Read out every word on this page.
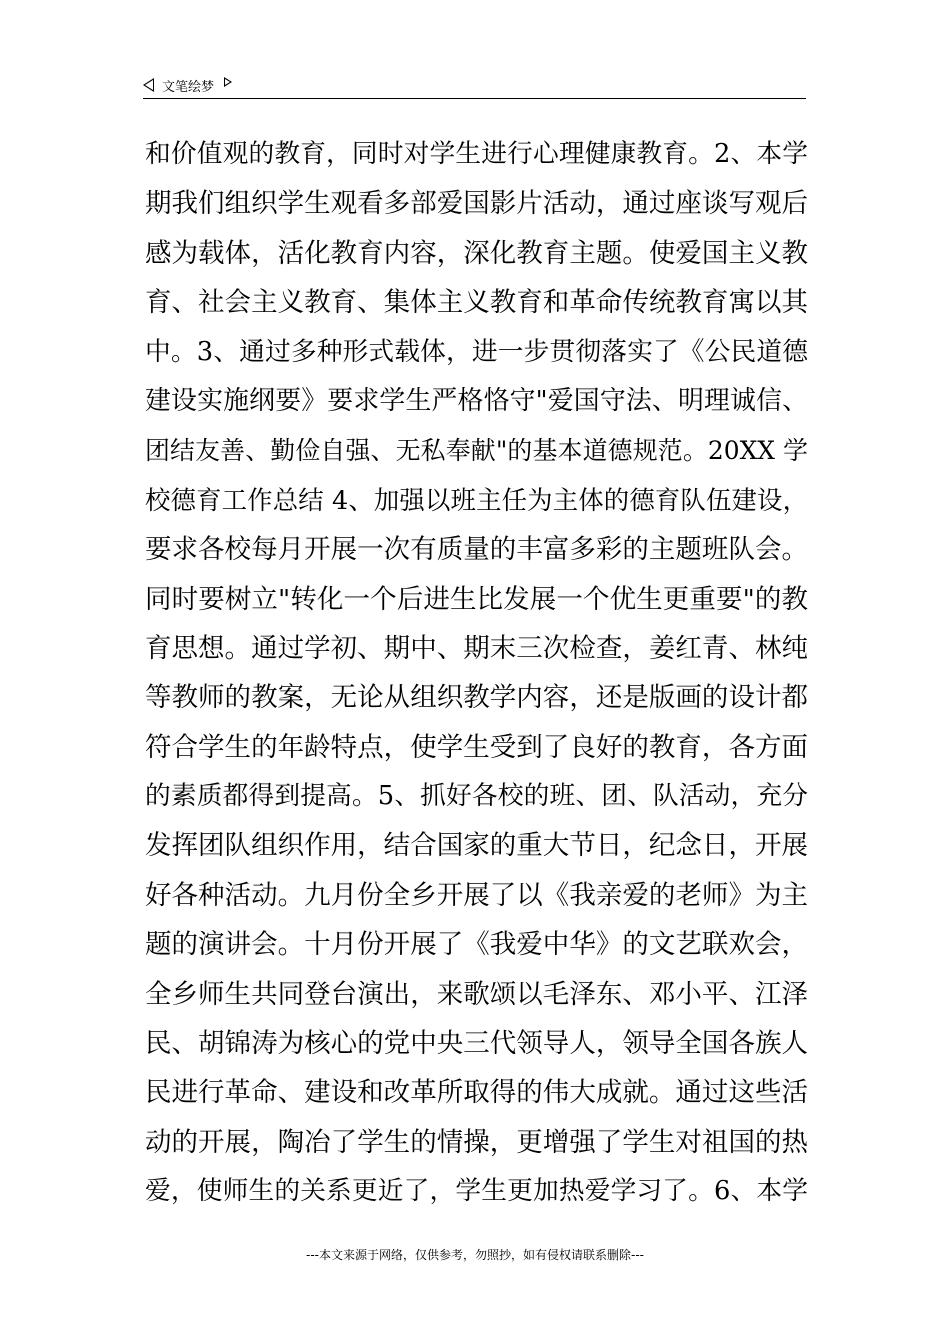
文笔绘梦
和价值观的教育，同时对学生进行心理健康教育。2、本学
期我们组织学生观看多部爱国影片活动，通过座谈写观后
感为载体，活化教育内容，深化教育主题。使爱国主义教
育、社会主义教育、集体主义教育和革命传统教育寓以其
中。3、通过多种形式载体，进一步贯彻落实了《公民道德
建设实施纲要》要求学生严格恪守"爱国守法、明理诚信、
团结友善、勤俭自强、无私奉献"的基本道德规范。20XX 学
校德育工作总结 4、加强以班主任为主体的德育队伍建设，
要求各校每月开展一次有质量的丰富多彩的主题班队会。
同时要树立"转化一个后进生比发展一个优生更重要"的教
育思想。通过学初、期中、期末三次检查，姜红青、林纯
等教师的教案，无论从组织教学内容，还是版画的设计都
符合学生的年龄特点，使学生受到了良好的教育，各方面
的素质都得到提高。5、抓好各校的班、团、队活动，充分
发挥团队组织作用，结合国家的重大节日，纪念日，开展
好各种活动。九月份全乡开展了以《我亲爱的老师》为主
题的演讲会。十月份开展了《我爱中华》的文艺联欢会，
全乡师生共同登台演出，来歌颂以毛泽东、邓小平、江泽
民、胡锦涛为核心的党中央三代领导人，领导全国各族人
民进行革命、建设和改革所取得的伟大成就。通过这些活
动的开展，陶冶了学生的情操，更增强了学生对祖国的热
爱，使师生的关系更近了，学生更加热爱学习了。6、本学
---本文来源于网络，仅供参考，勿照抄，如有侵权请联系删除---
